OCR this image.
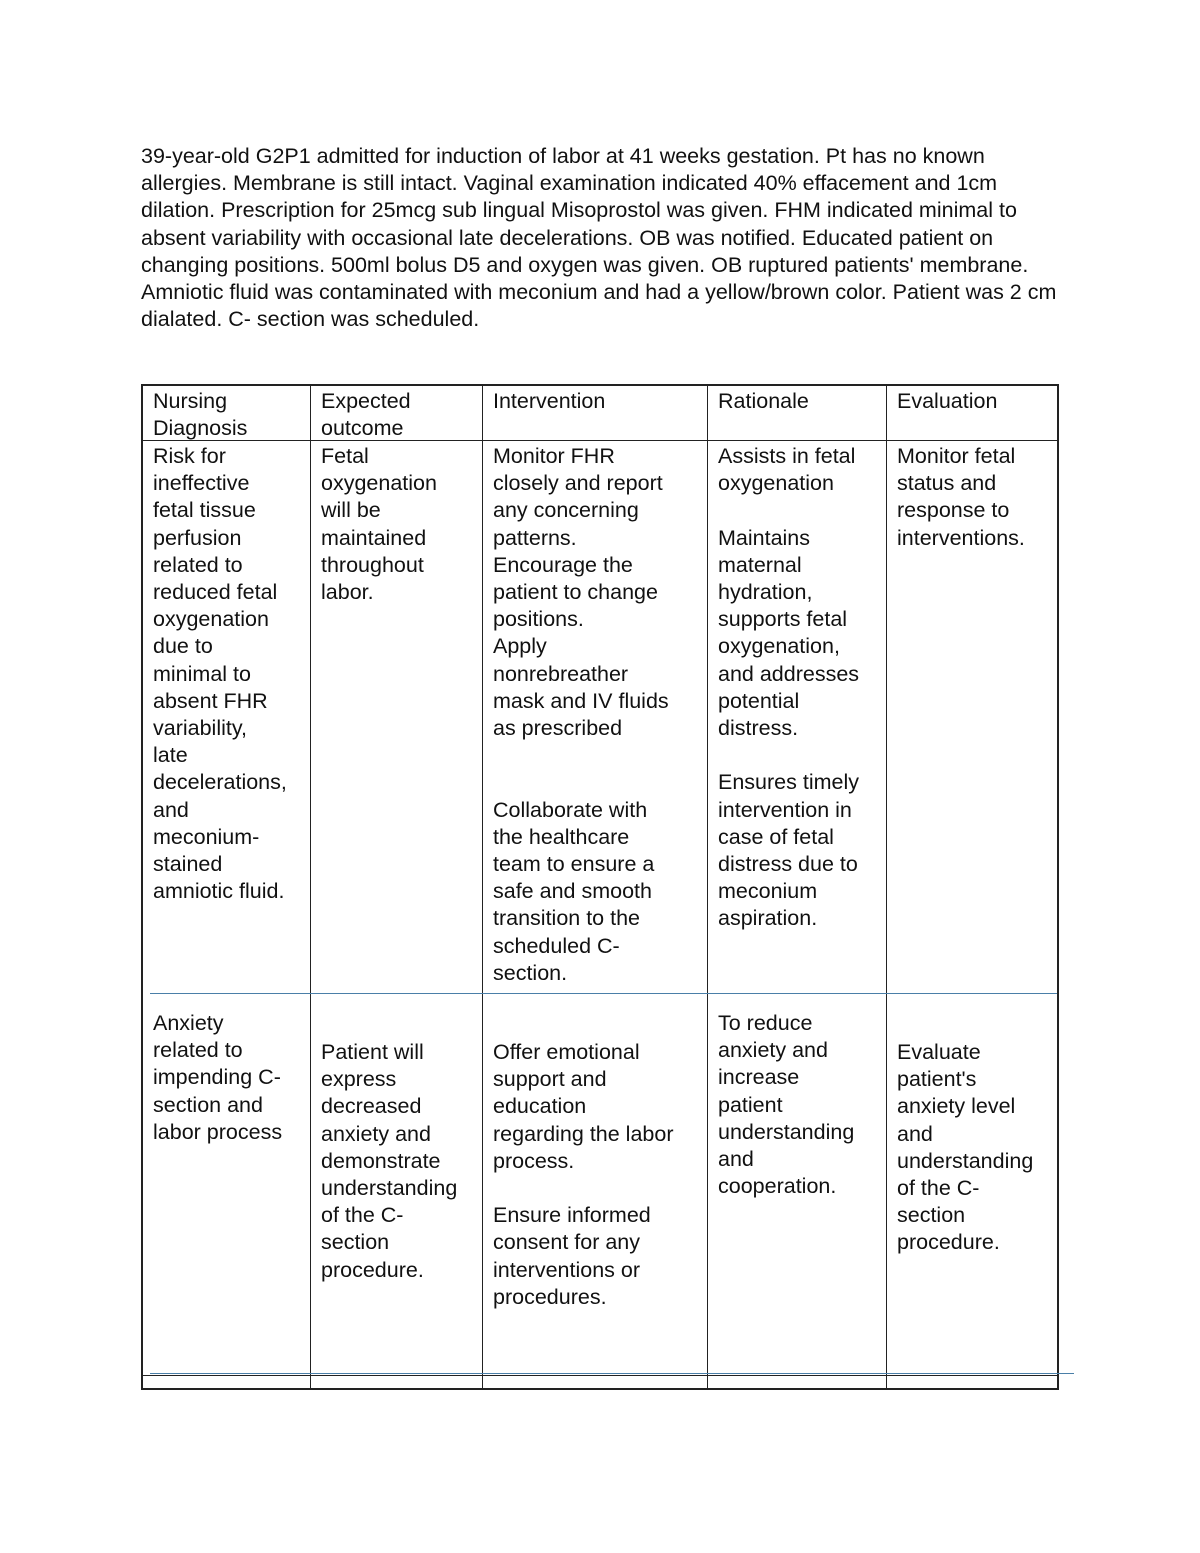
39-year-old G2P1 admitted for induction of labor at 41 weeks gestation. Pt has no known allergies. Membrane is still intact. Vaginal examination indicated 40% effacement and 1cm dilation. Prescription for 25mcg sub lingual Misoprostol was given. FHM indicated minimal to absent variability with occasional late decelerations. OB was notified. Educated patient on changing positions. 500ml bolus D5 and oxygen was given. OB ruptured patients' membrane. Amniotic fluid was contaminated with meconium and had a yellow/brown color. Patient was 2 cm dialated. C- section was scheduled.

Nursing
Diagnosis

Expected
outcome

Intervention	Rationale	Evaluation

Risk for
ineffective
fetal tissue
perfusion
related to
reduced fetal
oxygenation
due to
minimal to
absent FHR
variability,
late
decelerations,
and
meconium-
stained
amniotic fluid.

Fetal
oxygenation
will be
maintained
throughout
labor.

Monitor FHR
closely and report
any concerning
patterns.
Encourage the
patient to change
positions.
Apply
nonrebreather
mask and IV fluids
as prescribed

Collaborate with
the healthcare
team to ensure a
safe and smooth
transition to the
scheduled C-
section.

Assists in fetal
oxygenation

Maintains
maternal
hydration,
supports fetal
oxygenation,
and addresses
potential
distress.

Ensures timely
intervention in
case of fetal
distress due to
meconium
aspiration.

Monitor fetal
status and
response to
interventions.

Anxiety
related to
impending C-
section and
labor process

Patient will
express
decreased
anxiety and
demonstrate
understanding
of the C-
section
procedure.

Offer emotional
support and
education
regarding the labor
process.

Ensure informed
consent for any
interventions or
procedures.

To reduce
anxiety and
increase
patient
understanding
and
cooperation.

Evaluate
patient's
anxiety level
and
understanding
of the C-
section
procedure.
